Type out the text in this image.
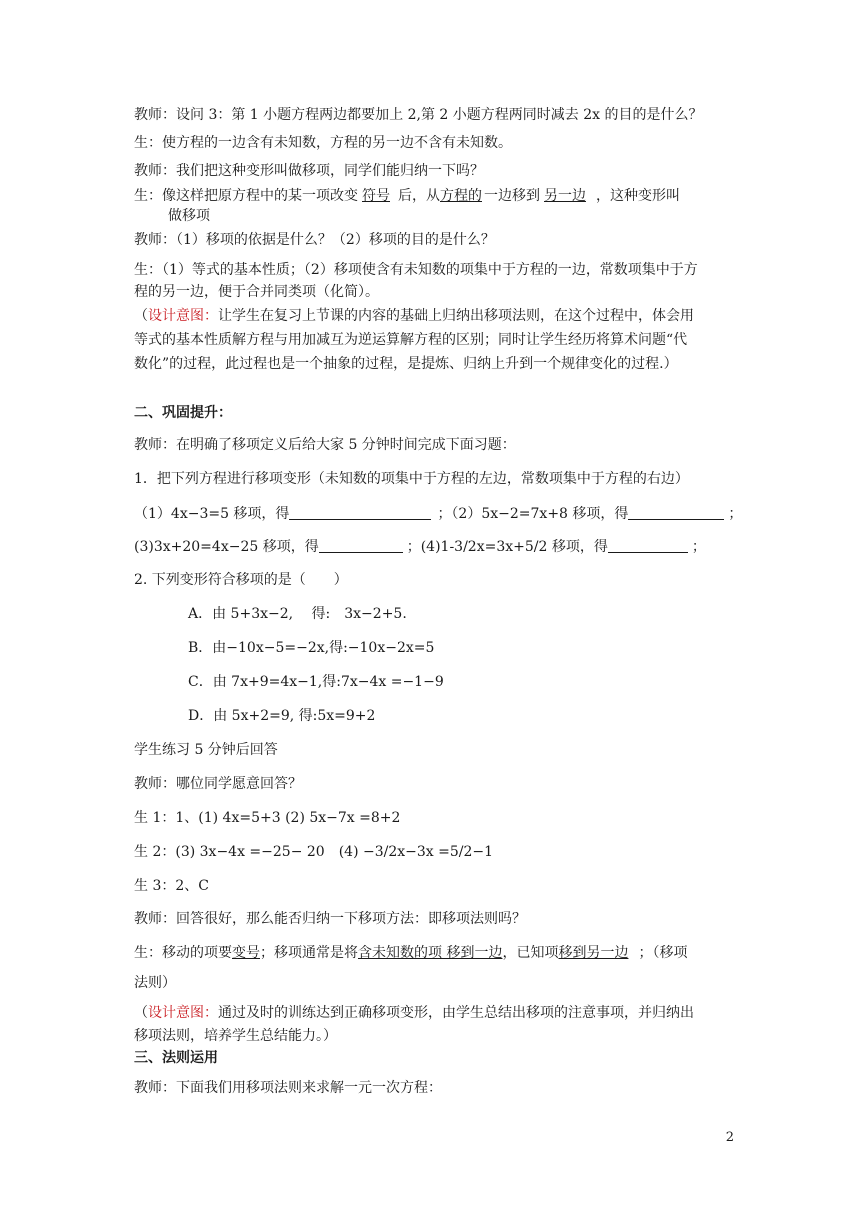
教师：设问 3：第 1 小题方程两边都要加上 2,第 2 小题方程两同时减去 2x 的目的是什么？
生：使方程的一边含有未知数，方程的另一边不含有未知数。
教师：我们把这种变形叫做移项，同学们能归纳一下吗？
生：像这样把原方程中的某一项改变 符号 后，从方程的 一边移到 另一边 ，这种变形叫
做移项
教师：（1）移项的依据是什么？（2）移项的目的是什么？
生：（1）等式的基本性质；（2）移项使含有未知数的项集中于方程的一边，常数项集中于方
程的另一边，便于合并同类项（化简）。
（设计意图：让学生在复习上节课的内容的基础上归纳出移项法则，在这个过程中，体会用
等式的基本性质解方程与用加减互为逆运算解方程的区别；同时让学生经历将算术问题“代
数化”的过程，此过程也是一个抽象的过程，是提炼、归纳上升到一个规律变化的过程.）
二、巩固提升：
教师：在明确了移项定义后给大家 5 分钟时间完成下面习题：
1．把下列方程进行移项变形（未知数的项集中于方程的左边，常数项集中于方程的右边）
（1）4x−3=5 移项，得	；（2）5x−2=7x+8 移项，得	；
(3)3x+20=4x−25 移项，得	；(4)1-3/2x=3x+5/2 移项，得	；
2. 下列变形符合移项的是（　　）
A．由 5+3x−2,　 得:　3x−2+5.
B．由−10x−5=−2x,得:−10x−2x=5
C．由 7x+9=4x−1,得:7x−4x =−1−9
D．由 5x+2=9, 得:5x=9+2
学生练习 5 分钟后回答
教师：哪位同学愿意回答？
生 1：1、(1) 4x=5+3 (2) 5x−7x =8+2
生 2：(3) 3x−4x =−25− 20　(4) −3/2x−3x =5/2−1
生 3：2、C
教师：回答很好，那么能否归纳一下移项方法：即移项法则吗？
生：移动的项要变号；移项通常是将含未知数的项 移到一边，已知项移到另一边 ；（移项
法则）
（设计意图：通过及时的训练达到正确移项变形，由学生总结出移项的注意事项，并归纳出
移项法则，培养学生总结能力。）
三、法则运用
教师：下面我们用移项法则来求解一元一次方程：
2
